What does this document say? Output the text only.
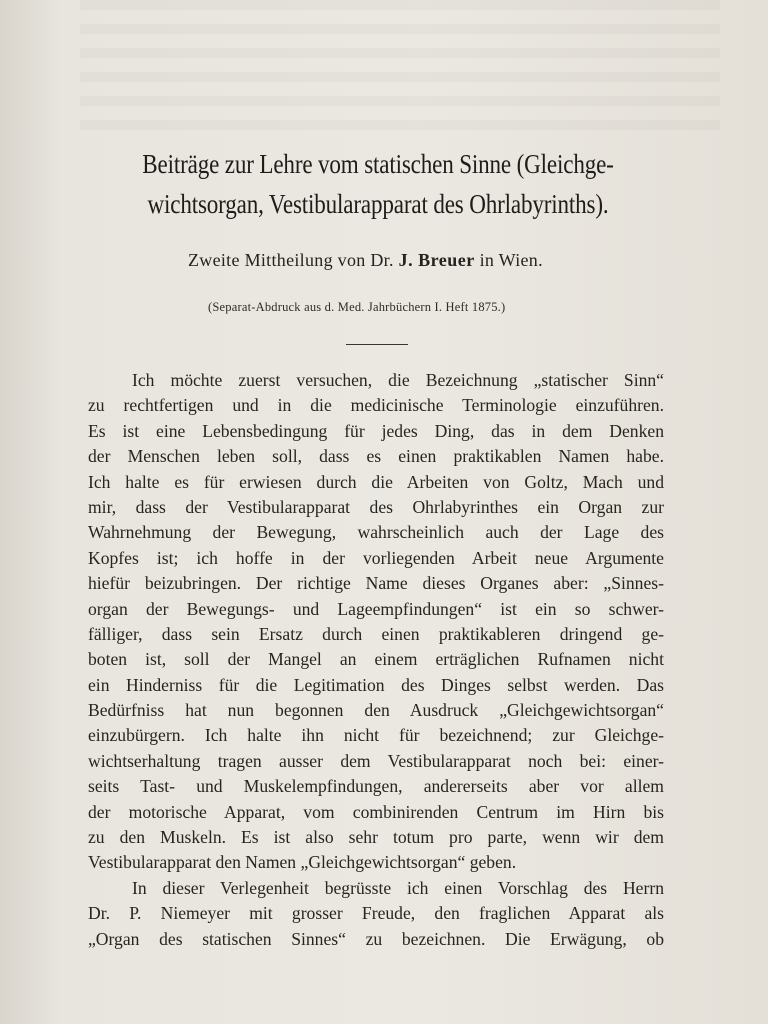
Beiträge zur Lehre vom statischen Sinne (Gleichge-
wichtsorgan, Vestibularapparat des Ohrlabyrinths).
Zweite Mittheilung von Dr. J. Breuer in Wien.
(Separat-Abdruck aus d. Med. Jahrbüchern I. Heft 1875.)
Ich möchte zuerst versuchen, die Bezeichnung „statischer Sinn“
zu rechtfertigen und in die medicinische Terminologie einzuführen.
Es ist eine Lebensbedingung für jedes Ding, das in dem Denken
der Menschen leben soll, dass es einen praktikablen Namen habe.
Ich halte es für erwiesen durch die Arbeiten von Goltz, Mach und
mir, dass der Vestibularapparat des Ohrlabyrinthes ein Organ zur
Wahrnehmung der Bewegung, wahrscheinlich auch der Lage des
Kopfes ist; ich hoffe in der vorliegenden Arbeit neue Argumente
hiefür beizubringen. Der richtige Name dieses Organes aber: „Sinnes-
organ der Bewegungs- und Lageempfindungen“ ist ein so schwer-
fälliger, dass sein Ersatz durch einen praktikableren dringend ge-
boten ist, soll der Mangel an einem erträglichen Rufnamen nicht
ein Hinderniss für die Legitimation des Dinges selbst werden. Das
Bedürfniss hat nun begonnen den Ausdruck „Gleichgewichtsorgan“
einzubürgern. Ich halte ihn nicht für bezeichnend; zur Gleichge-
wichtserhaltung tragen ausser dem Vestibularapparat noch bei: einer-
seits Tast- und Muskelempfindungen, andererseits aber vor allem
der motorische Apparat, vom combinirenden Centrum im Hirn bis
zu den Muskeln. Es ist also sehr totum pro parte, wenn wir dem
Vestibularapparat den Namen „Gleichgewichtsorgan“ geben.
In dieser Verlegenheit begrüsste ich einen Vorschlag des Herrn
Dr. P. Niemeyer mit grosser Freude, den fraglichen Apparat als
„Organ des statischen Sinnes“ zu bezeichnen. Die Erwägung, ob
